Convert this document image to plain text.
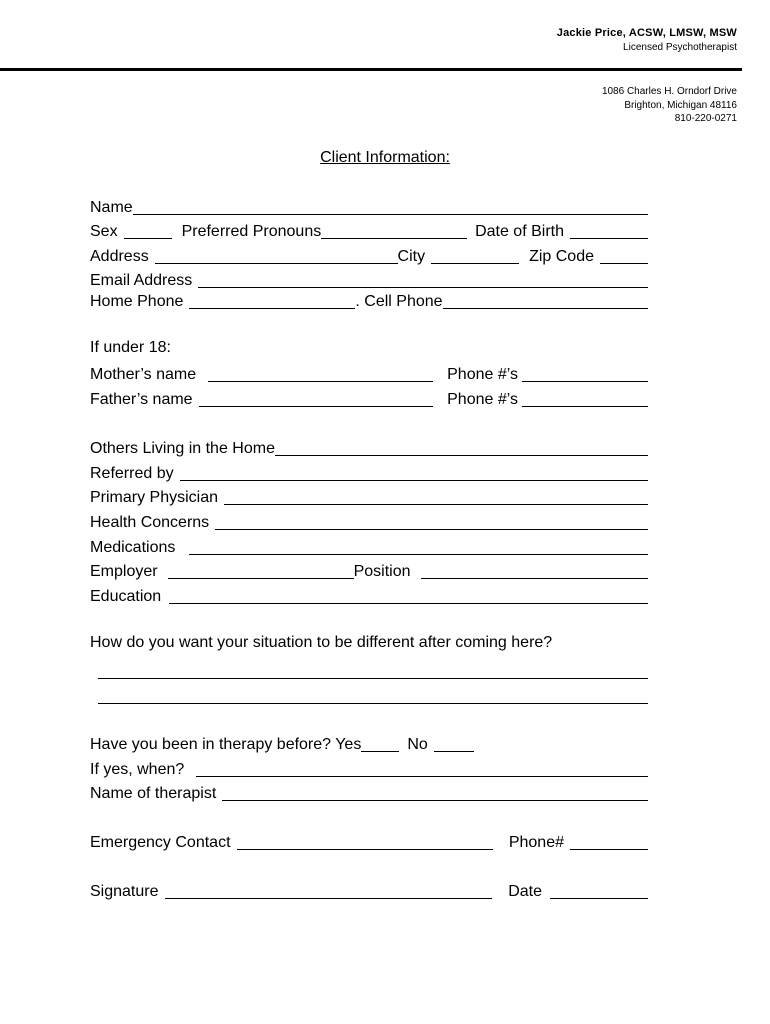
Jackie Price, ACSW, LMSW, MSW
Licensed Psychotherapist
1086 Charles H. Orndorf Drive
Brighton, Michigan 48116
810-220-0271
Client Information:
Name
Sex	Preferred Pronouns	Date of Birth
Address	City	Zip Code
Email Address
Home Phone	. Cell Phone
If under 18:
Mother’s name	Phone #’s
Father’s name	Phone #’s
Others Living in the Home
Referred by
Primary Physician
Health Concerns
Medications
Employer	Position
Education
How do you want your situation to be different after coming here?
Have you been in therapy before? Yes	No
If yes, when?
Name of therapist
Emergency Contact	Phone#
Signature	Date
